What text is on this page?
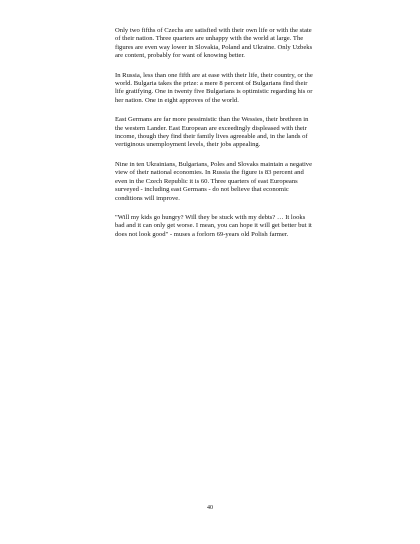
Only two fifths of Czechs are satisfied with their own life or with the state of their nation. Three quarters are unhappy with the world at large. The figures are even way lower in Slovakia, Poland and Ukraine. Only Uzbeks are content, probably for want of knowing better.

In Russia, less than one fifth are at ease with their life, their country, or the world. Bulgaria takes the prize: a mere 8 percent of Bulgarians find their life gratifying. One in twenty five Bulgarians is optimistic regarding his or her nation. One in eight approves of the world.

East Germans are far more pessimistic than the Wessies, their brethren in the western Lander. East European are exceedingly displeased with their income, though they find their family lives agreeable and, in the lands of vertiginous unemployment levels, their jobs appealing.

Nine in ten Ukrainians, Bulgarians, Poles and Slovaks maintain a negative view of their national economies. In Russia the figure is 83 percent and even in the Czech Republic it is 60. Three quarters of east Europeans surveyed - including east Germans - do not believe that economic conditions will improve.

"Will my kids go hungry? Will they be stuck with my debts? … It looks bad and it can only get worse. I mean, you can hope it will get better but it does not look good" - muses a forlorn 69-years old Polish farmer.

40
